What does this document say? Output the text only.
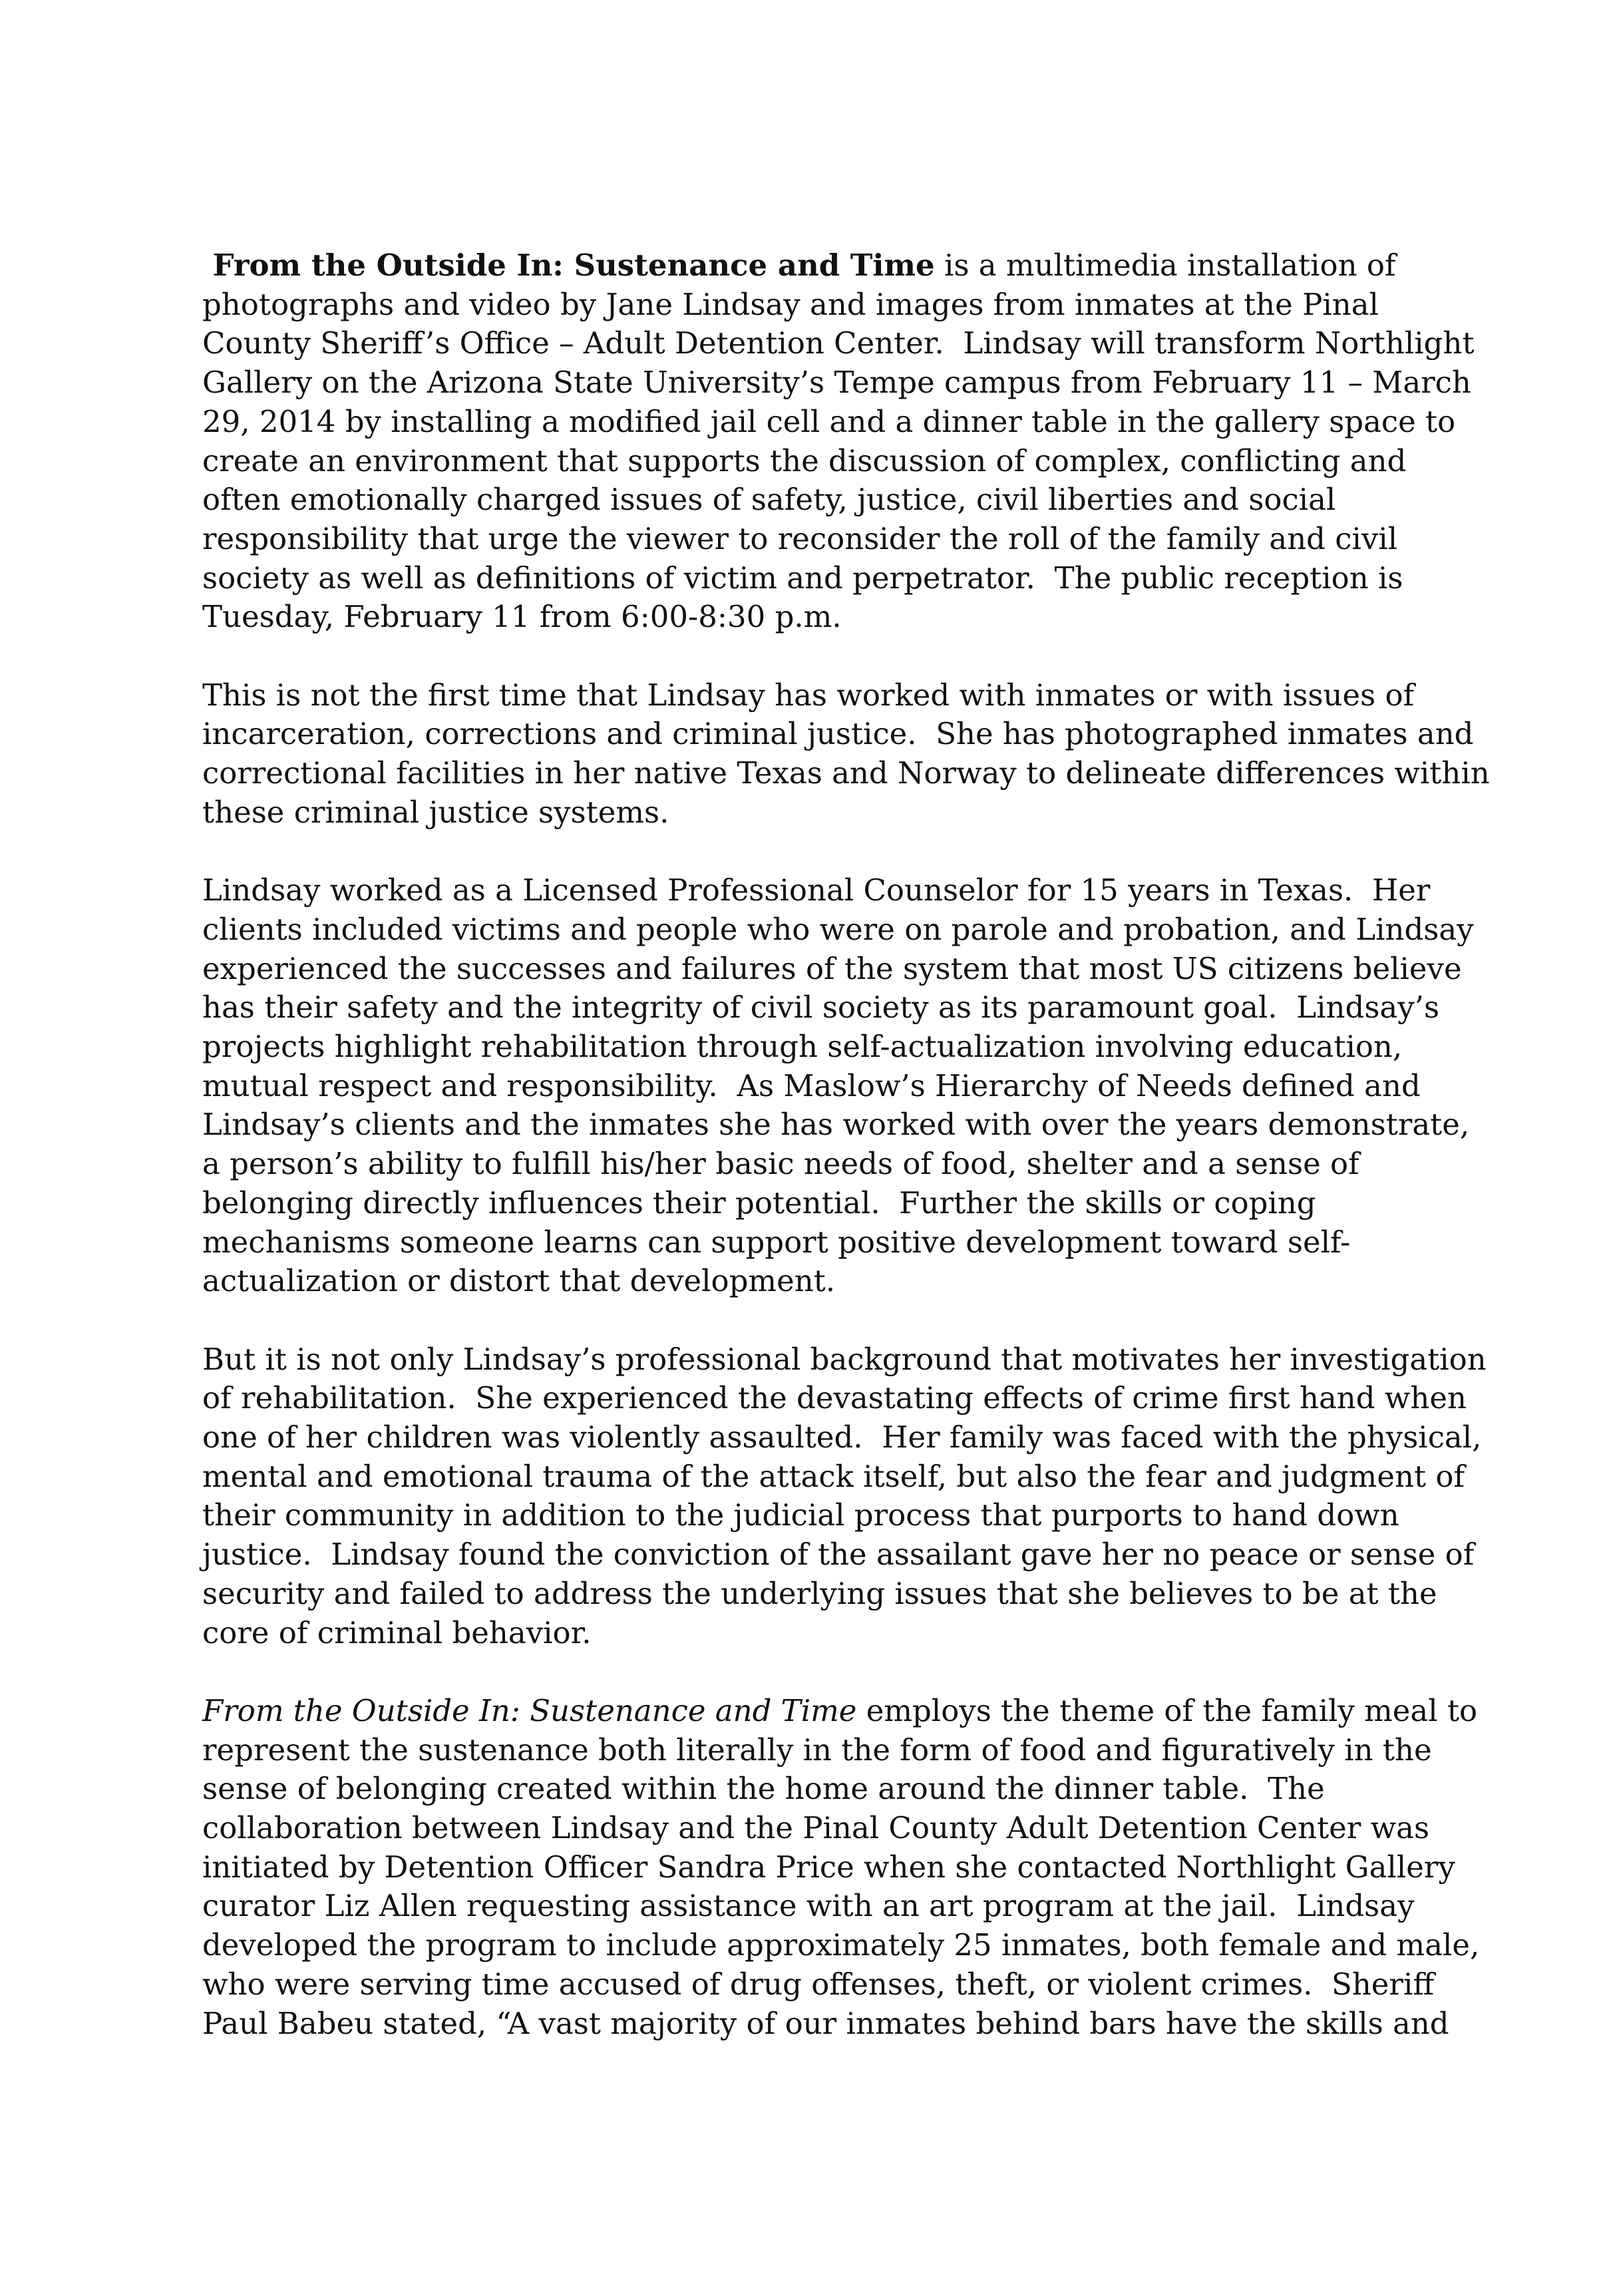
From the Outside In: Sustenance and Time is a multimedia installation of
photographs and video by Jane Lindsay and images from inmates at the Pinal
County Sheriff’s Office – Adult Detention Center.  Lindsay will transform Northlight
Gallery on the Arizona State University’s Tempe campus from February 11 – March
29, 2014 by installing a modified jail cell and a dinner table in the gallery space to
create an environment that supports the discussion of complex, conflicting and
often emotionally charged issues of safety, justice, civil liberties and social
responsibility that urge the viewer to reconsider the roll of the family and civil
society as well as definitions of victim and perpetrator.  The public reception is
Tuesday, February 11 from 6:00-8:30 p.m.
This is not the first time that Lindsay has worked with inmates or with issues of
incarceration, corrections and criminal justice.  She has photographed inmates and
correctional facilities in her native Texas and Norway to delineate differences within
these criminal justice systems.
Lindsay worked as a Licensed Professional Counselor for 15 years in Texas.  Her
clients included victims and people who were on parole and probation, and Lindsay
experienced the successes and failures of the system that most US citizens believe
has their safety and the integrity of civil society as its paramount goal.  Lindsay’s
projects highlight rehabilitation through self-actualization involving education,
mutual respect and responsibility.  As Maslow’s Hierarchy of Needs defined and
Lindsay’s clients and the inmates she has worked with over the years demonstrate,
a person’s ability to fulfill his/her basic needs of food, shelter and a sense of
belonging directly influences their potential.  Further the skills or coping
mechanisms someone learns can support positive development toward self-
actualization or distort that development.
But it is not only Lindsay’s professional background that motivates her investigation
of rehabilitation.  She experienced the devastating effects of crime first hand when
one of her children was violently assaulted.  Her family was faced with the physical,
mental and emotional trauma of the attack itself, but also the fear and judgment of
their community in addition to the judicial process that purports to hand down
justice.  Lindsay found the conviction of the assailant gave her no peace or sense of
security and failed to address the underlying issues that she believes to be at the
core of criminal behavior.
From the Outside In: Sustenance and Time employs the theme of the family meal to
represent the sustenance both literally in the form of food and figuratively in the
sense of belonging created within the home around the dinner table.  The
collaboration between Lindsay and the Pinal County Adult Detention Center was
initiated by Detention Officer Sandra Price when she contacted Northlight Gallery
curator Liz Allen requesting assistance with an art program at the jail.  Lindsay
developed the program to include approximately 25 inmates, both female and male,
who were serving time accused of drug offenses, theft, or violent crimes.  Sheriff
Paul Babeu stated, “A vast majority of our inmates behind bars have the skills and
